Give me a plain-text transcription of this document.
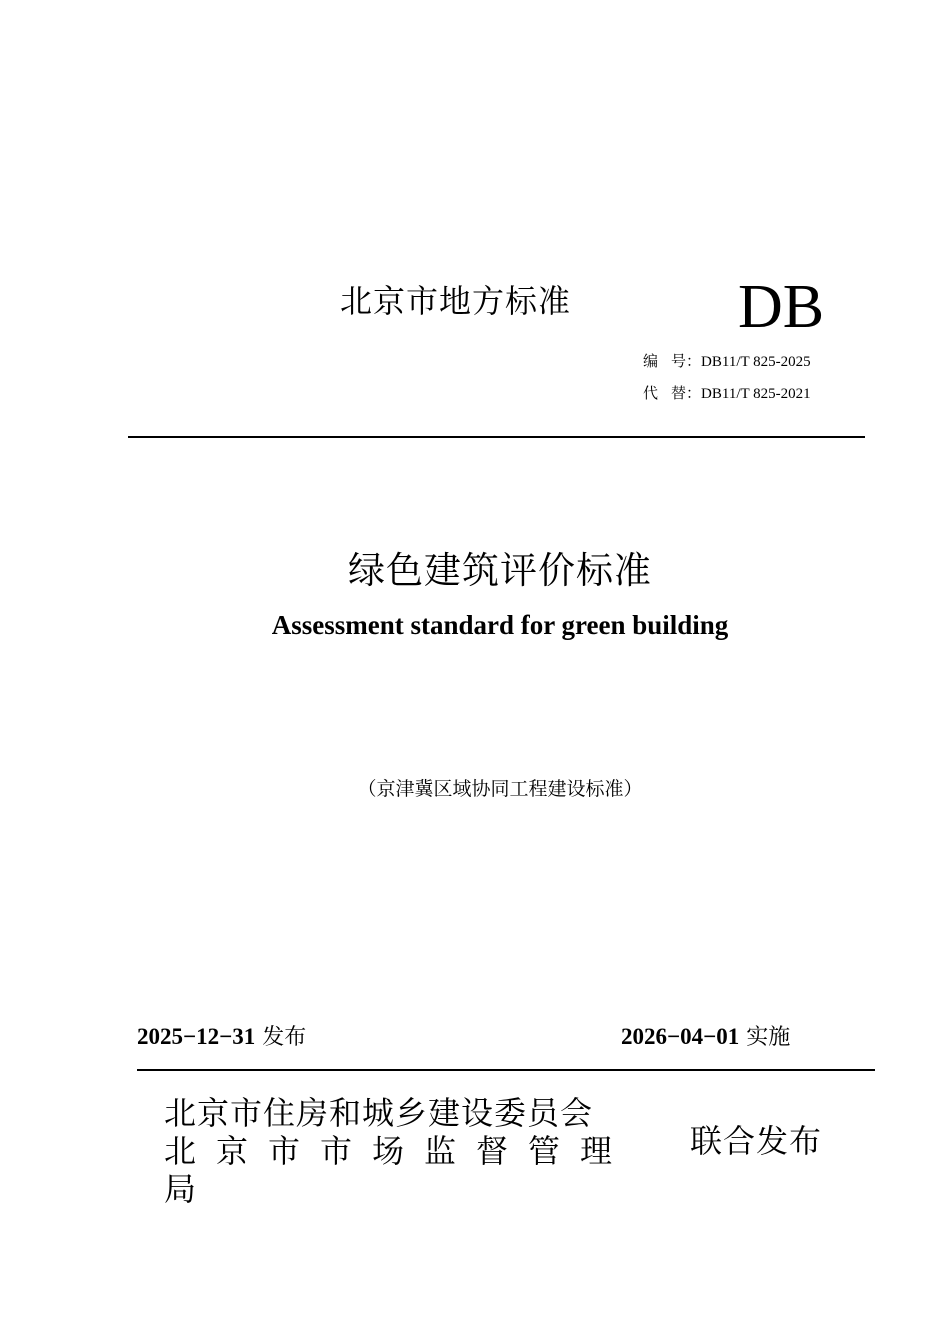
北京市地方标准	DB
编号：DB11/T 825-2025
代替：DB11/T 825-2021
绿色建筑评价标准
Assessment standard for green building
（京津冀区域协同工程建设标准）
2025−12−31 发布	2026−04−01 实施
北京市住房和城乡建设委员会
北京市市场监督管理
局
联合发布
